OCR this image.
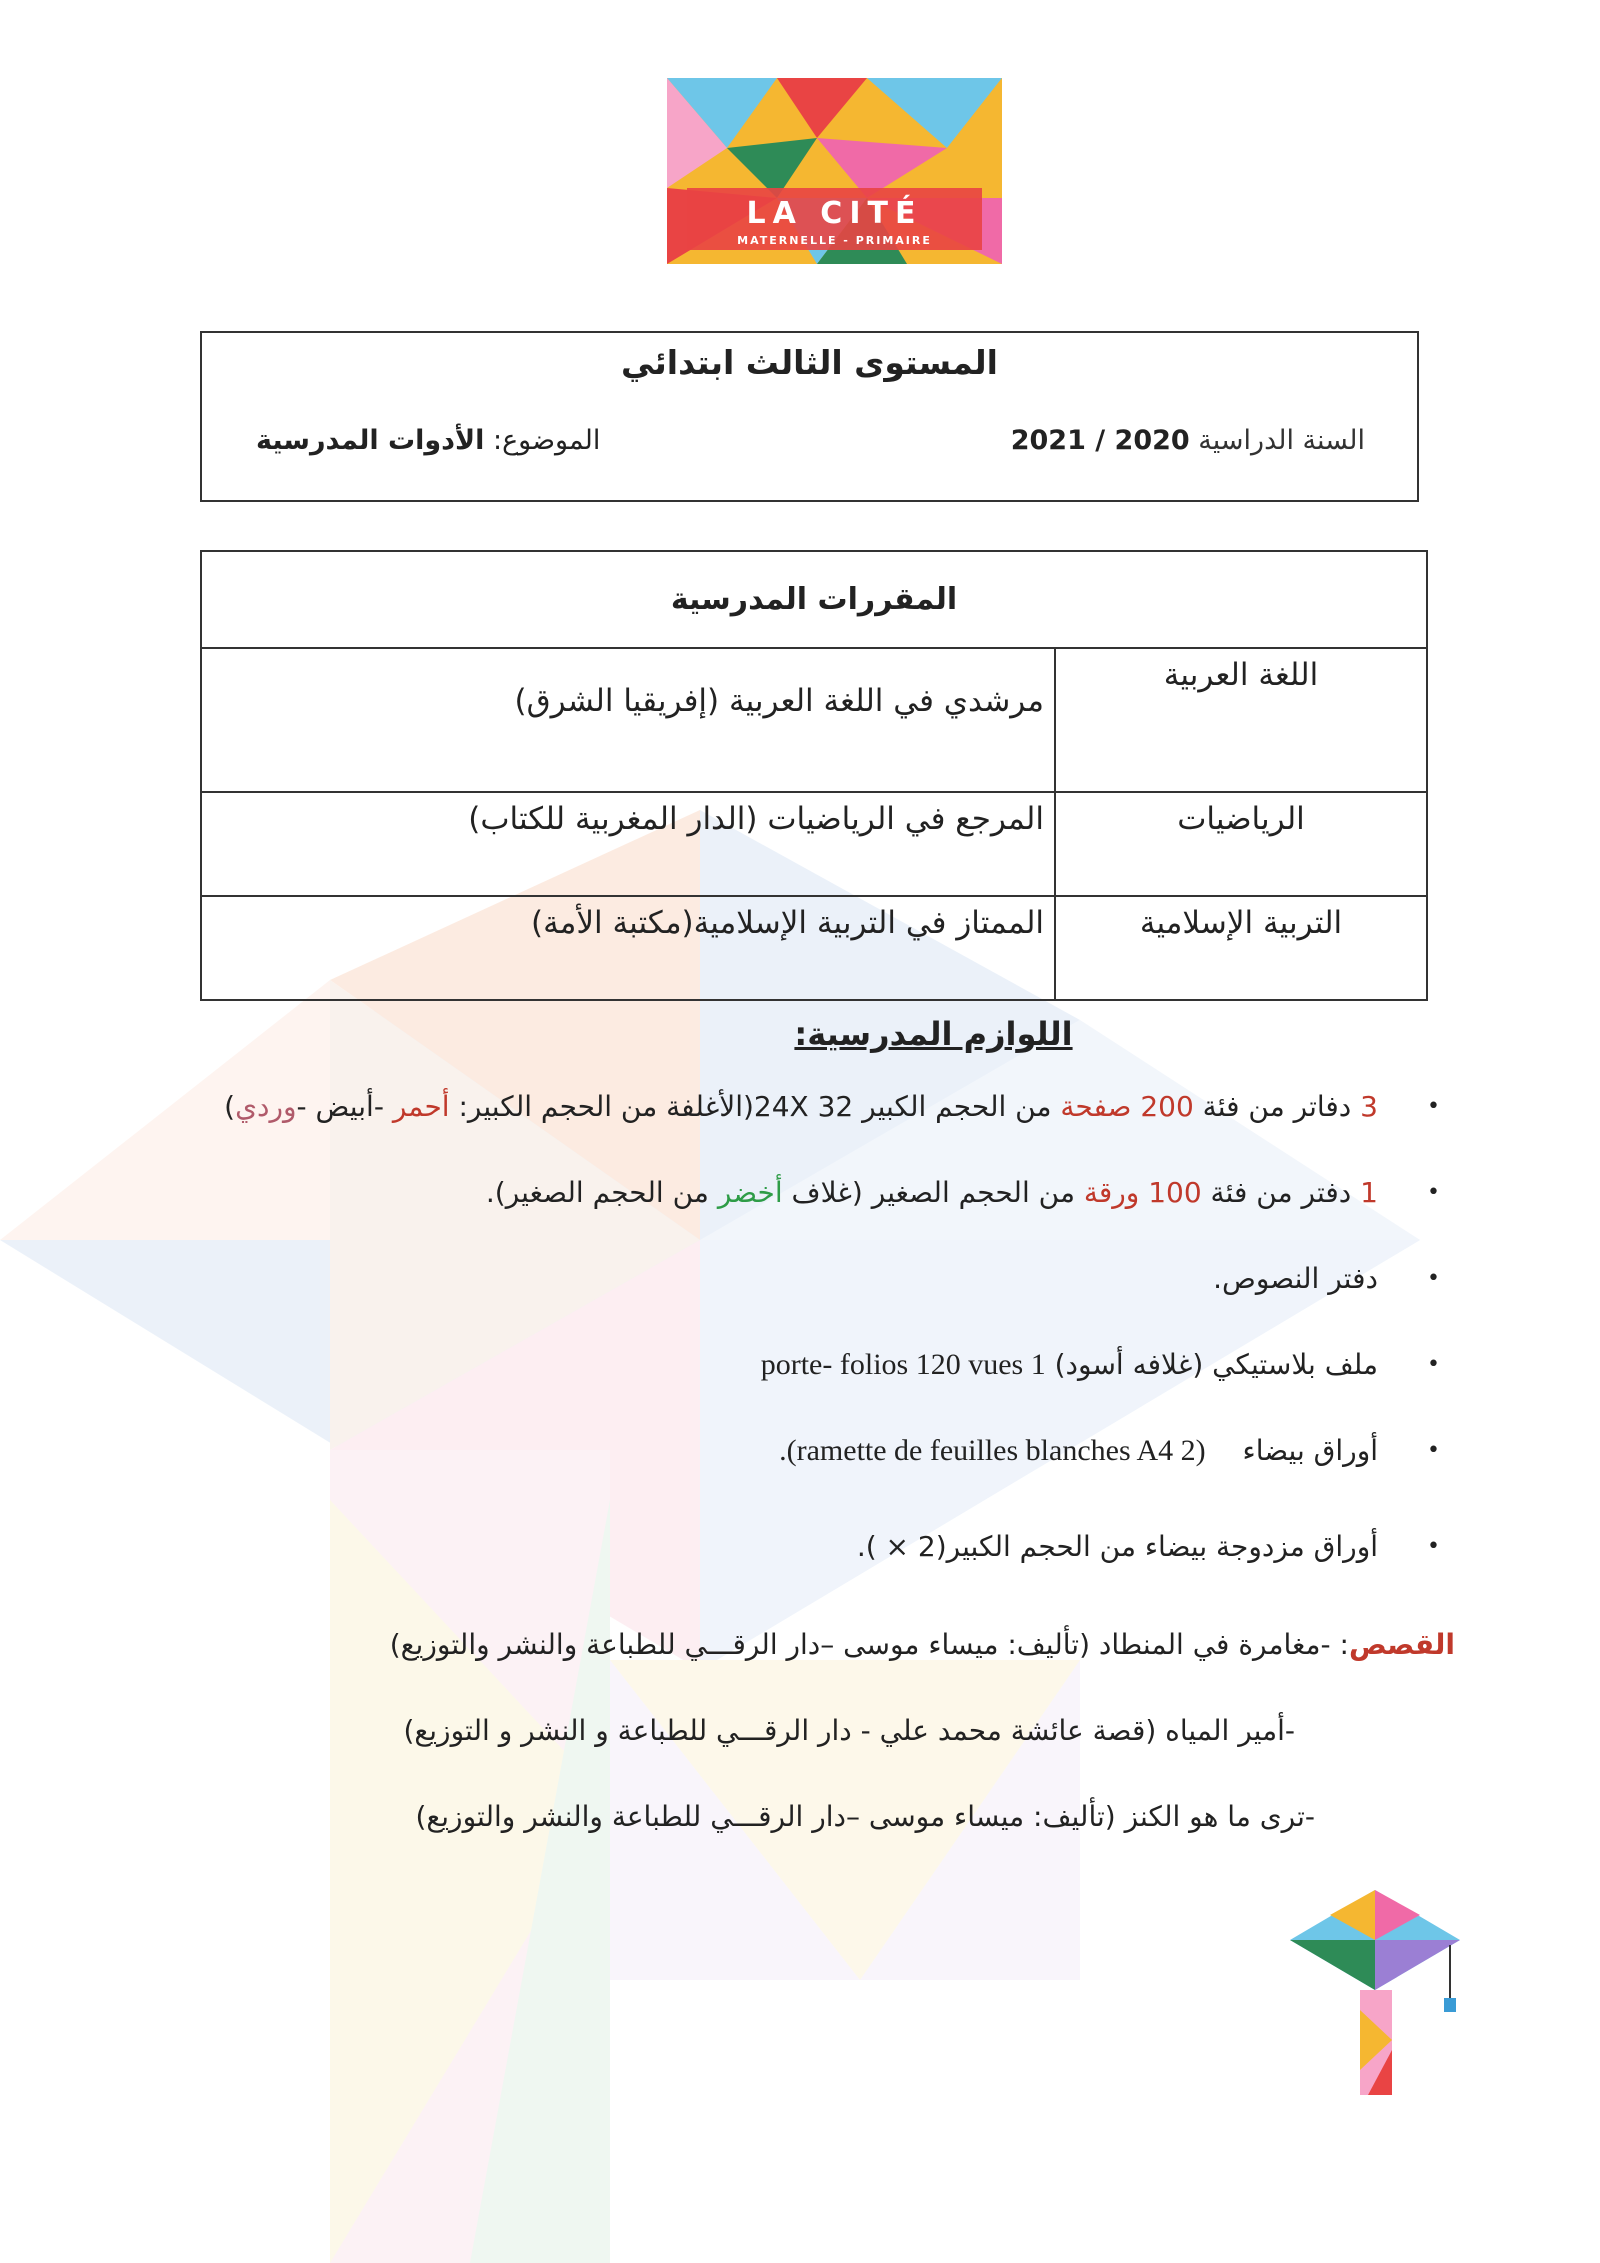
LA CITÉ
MATERNELLE - PRIMAIRE
المستوى الثالث ابتدائي
السنة الدراسية 2020 / 2021
الموضوع: الأدوات المدرسية
المقررات المدرسية	
اللغة العربية	مرشدي في اللغة العربية (إفريقيا الشرق)
الرياضيات	المرجع في الرياضيات (الدار المغربية للكتاب)
التربية الإسلامية	الممتاز في التربية الإسلامية(مكتبة الأمة)
اللوازم المدرسية:
•
3 دفاتر من فئة 200 صفحة من الحجم الكبير 24X 32(الأغلفة من الحجم الكبير: أحمر -أبيض -وردي)
•
1 دفتر من فئة 100 ورقة من الحجم الصغير (غلاف أخضر من الحجم الصغير).
•
دفتر النصوص.
•
ملف بلاستيكي (غلافه أسود) 1 porte- folios 120 vues
•
أوراق بيضاء (2 ramette de feuilles blanches A4).
•
أوراق مزدوجة بيضاء من الحجم الكبير(2 × ).
القصص: -مغامرة في المنطاد (تأليف: ميساء موسى –دار الرقـــي للطباعة والنشر والتوزيع)
-أمير المياه (قصة عائشة محمد علي - دار الرقـــي للطباعة و النشر و التوزيع)
-ترى ما هو الكنز (تأليف: ميساء موسى –دار الرقـــي للطباعة والنشر والتوزيع)
